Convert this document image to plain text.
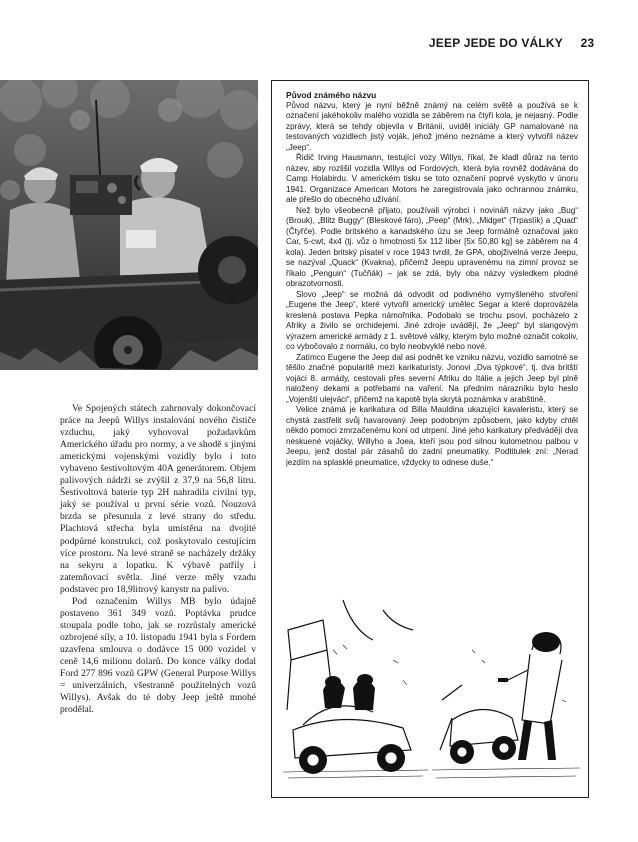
JEEP JEDE DO VÁLKY 23

Ve Spojených státech zahrnovaly dokončovací práce na Jeepů Willys instalování nového čističe vzduchu, jaký vyhovoval požadavkům Amerického úřadu pro normy, a ve shodě s jinými americkými vojenskými vozidly bylo i toto vybaveno šestivoltovým 40A generátorem. Objem palivových nádrží se zvýšil z 37,9 na 56,8 litru. Šestivoltová baterie typ 2H nahradila civilní typ, jaký se používal u první série vozů. Nouzová brzda se přesunula z levé strany do středu. Plachtová střecha byla umístěna na dvojité podpůrné konstrukci, což poskytovalo cestujícím více prostoru. Na levé straně se nacházely držáky na sekyru a lopatku. K výbavě patřily i zatemňovací světla. Jiné verze měly vzadu podstavec pro 18,9litrový kanystr na palivo.

Pod označením Willys MB bylo údajně postaveno 361 349 vozů. Poptávka prudce stoupala podle toho, jak se rozrůstaly americké ozbrojené síly, a 10. listopadu 1941 byla s Fordem uzavřena smlouva o dodávce 15 000 vozidel v ceně 14,6 milionu dolarů. Do konce války dodal Ford 277 896 vozů GPW (General Purpose Willys = univerzálních, všestranně použitelných vozů Willys). Avšak do té doby Jeep ještě mnohé prodělal.

Původ známého názvu

Původ názvu, který je nyní běžně známý na celém světě a používá se k označení jakéhokoliv malého vozidla se záběrem na čtyři kola, je nejasný. Podle zprávy, která se tehdy objevila v Británii, uviděl iniciály GP namalované na testovaných vozidlech jistý voják, jehož jméno neznáme a který vytvořil název „Jeep“.

Řidič Irving Hausmann, testující vozy Willys, říkal, že kladl důraz na tento název, aby rozlišil vozidla Willys od Fordových, která byla rovněž dodávána do Camp Holabirdu. V americkém tisku se toto označení poprvé vyskytlo v únoru 1941. Organizace American Motors he zaregistrovala jako ochrannou známku, ale přešlo do obecného užívání.

Než bylo všeobecně přijato, používali výrobci i novináři názvy jako „Bug“ (Brouk), „Blitz Buggy“ (Bleskové fáro), „Peep“ (Mrk), „Midget“ (Trpaslík) a „Quad“ (Čtyřče). Podle britského a kanadského úzu se Jeep formálně označoval jako Car, 5-cwt, 4x4 (tj. vůz o hmotnosti 5x 112 liber [5x 50,80 kg] se záběrem na 4 kola). Jeden britský písatel v roce 1943 tvrdil, že GPA, obojživelná verze Jeepu, se nazýval „Quack“ (Kvakna), přičemž Jeepu upravenému na zimní provoz se říkalo „Penguin“ (Tučňák) – jak se zdá, byly oba názvy výsledkem plodné obrazotvornosti.

Slovo „Jeep“ se možná dá odvodit od podivného vymyšleného stvoření „Eugene the Jeep“, které vytvořil americký umělec Segar a které doprovázela kreslená postava Pepka námořníka. Podobalo se trochu psovi, pocházelo z Afriky a živilo se orchidejemi. Jiné zdroje uvádějí, že „Jeep“ byl slangovým výrazem americké armády z 1. světové války, kterým bylo možné označit cokoliv, co vybočovalo z normálu, co bylo neobvyklé nebo nové.

Zatímco Eugene the Jeep dal asi podnět ke vzniku názvu, vozidlo samotné se těšilo značné popularitě mezi karikaturisty. Jonovi „Dva týpkové“, tj. dva britští vojáci 8. armády, cestovali přes severní Afriku do Itálie a jejich Jeep byl plně naložený dekami a potřebami na vaření. Na předním nárazníku bylo heslo „Vojenští ulejváci“, přičemž na kapotě byla skrytá poznámka v arabštině.

Velice známá je karikatura od Billa Mauldina ukazující kavaleristu, který se chystá zastřelit svůj havarovaný Jeep podobným způsobem, jako kdyby chtěl někdo pomoci zmrzačenému koni od utrpení. Jiné jeho karikatury předvádějí dva neskuené vojáčky, Willyho a Joea, kteří jsou pod silnou kulometnou palbou v Jeepu, jenž dostal pár zásahů do zadní pneumatiky. Podtitulek zní: „Nerad jezdím na splasklé pneumatice, vždycky to odnese duše.“
